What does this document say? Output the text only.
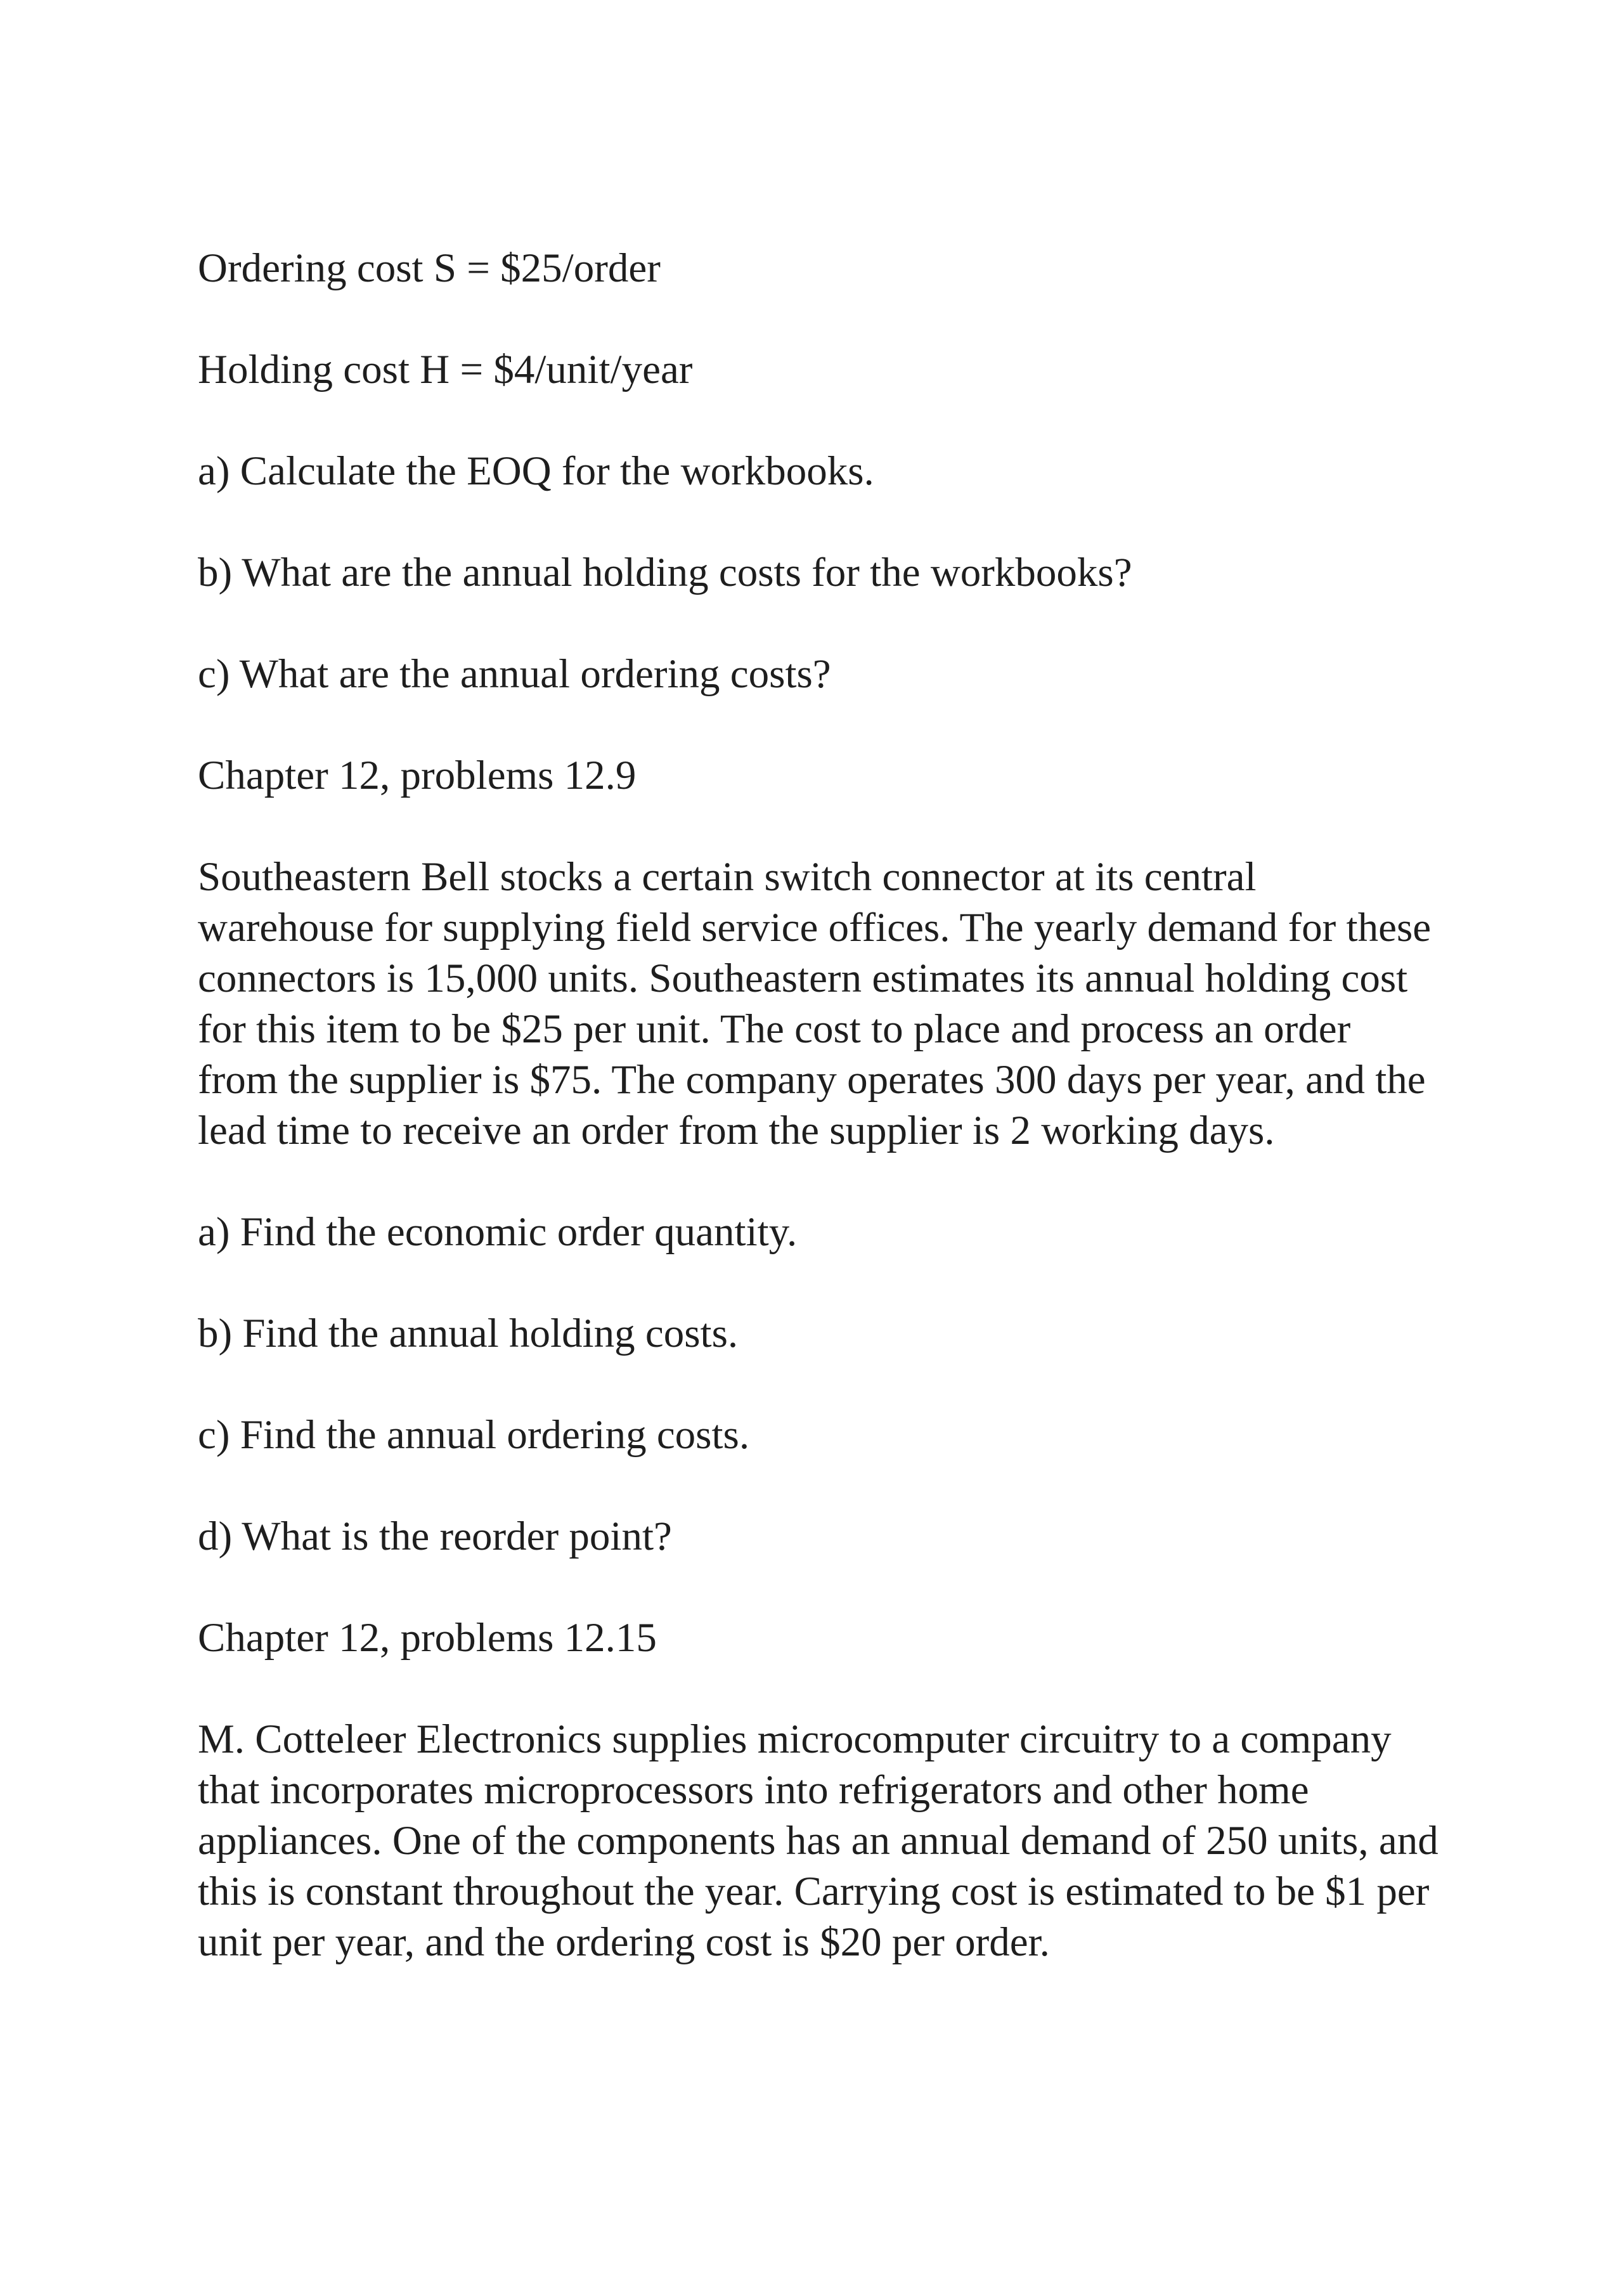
Ordering cost S = $25/order

Holding cost H = $4/unit/year

a) Calculate the EOQ for the workbooks.

b) What are the annual holding costs for the workbooks?

c) What are the annual ordering costs?

Chapter 12, problems 12.9

Southeastern Bell stocks a certain switch connector at its central warehouse for supplying field service offices. The yearly demand for these connectors is 15,000 units. Southeastern estimates its annual holding cost for this item to be $25 per unit. The cost to place and process an order from the supplier is $75. The company operates 300 days per year, and the lead time to receive an order from the supplier is 2 working days.

a) Find the economic order quantity.

b) Find the annual holding costs.

c) Find the annual ordering costs.

d) What is the reorder point?

Chapter 12, problems 12.15

M. Cotteleer Electronics supplies microcomputer circuitry to a company that incorporates microprocessors into refrigerators and other home appliances. One of the components has an annual demand of 250 units, and this is constant throughout the year. Carrying cost is estimated to be $1 per unit per year, and the ordering cost is $20 per order.
